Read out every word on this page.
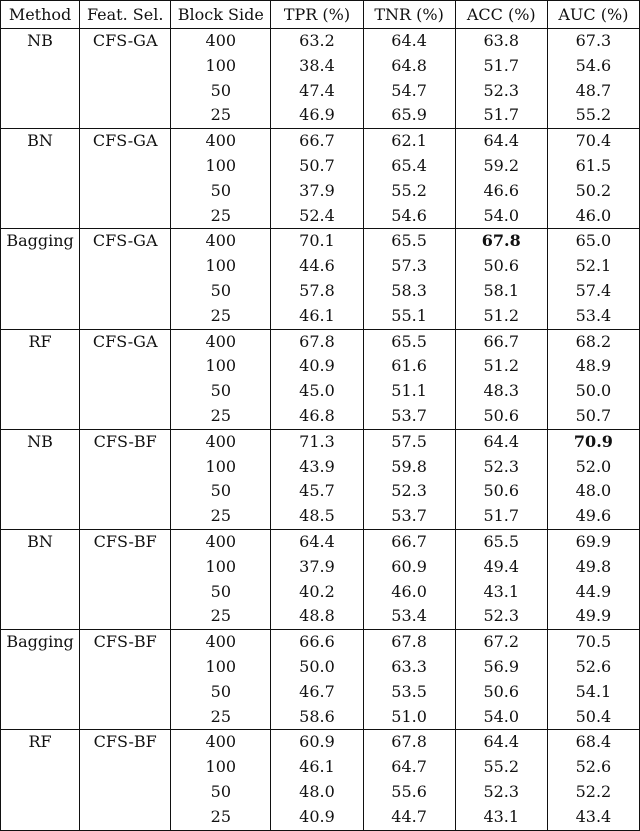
Method	Feat. Sel.	Block Side	TPR (%)	TNR (%)	ACC (%)	AUC (%)
NB	CFS-GA	400	63.2	64.4	63.8	67.3
		100	38.4	64.8	51.7	54.6
		50	47.4	54.7	52.3	48.7
		25	46.9	65.9	51.7	55.2
BN	CFS-GA	400	66.7	62.1	64.4	70.4
		100	50.7	65.4	59.2	61.5
		50	37.9	55.2	46.6	50.2
		25	52.4	54.6	54.0	46.0
Bagging	CFS-GA	400	70.1	65.5	67.8	65.0
		100	44.6	57.3	50.6	52.1
		50	57.8	58.3	58.1	57.4
		25	46.1	55.1	51.2	53.4
RF	CFS-GA	400	67.8	65.5	66.7	68.2
		100	40.9	61.6	51.2	48.9
		50	45.0	51.1	48.3	50.0
		25	46.8	53.7	50.6	50.7
NB	CFS-BF	400	71.3	57.5	64.4	70.9
		100	43.9	59.8	52.3	52.0
		50	45.7	52.3	50.6	48.0
		25	48.5	53.7	51.7	49.6
BN	CFS-BF	400	64.4	66.7	65.5	69.9
		100	37.9	60.9	49.4	49.8
		50	40.2	46.0	43.1	44.9
		25	48.8	53.4	52.3	49.9
Bagging	CFS-BF	400	66.6	67.8	67.2	70.5
		100	50.0	63.3	56.9	52.6
		50	46.7	53.5	50.6	54.1
		25	58.6	51.0	54.0	50.4
RF	CFS-BF	400	60.9	67.8	64.4	68.4
		100	46.1	64.7	55.2	52.6
		50	48.0	55.6	52.3	52.2
		25	40.9	44.7	43.1	43.4
